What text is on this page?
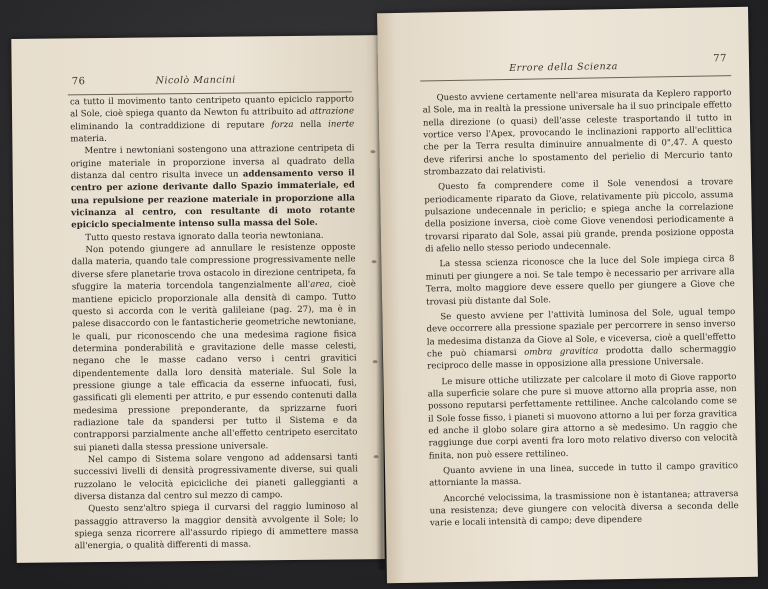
76	Nicolò Mancini

ca tutto il movimento tanto centripeto quanto epiciclo rapporto al Sole, cioè spiega quanto da Newton fu attribuito ad attrazione eliminando la contraddizione di reputare forza nella inerte materia.

Mentre i newtoniani sostengono una attrazione centripeta di origine materiale in proporzione inversa al quadrato della distanza dal centro risulta invece un addensamento verso il centro per azione derivante dallo Spazio immateriale, ed una repulsione per reazione materiale in proporzione alla vicinanza al centro, con resultante di moto rotante epiciclo specialmente intenso sulla massa del Sole.

Tutto questo restava ignorato dalla teoria newtoniana.

Non potendo giungere ad annullare le resistenze opposte dalla materia, quando tale compressione progressivamente nelle diverse sfere planetarie trova ostacolo in direzione centripeta, fa sfuggire la materia torcendola tangenzialmente all'area, cioè mantiene epiciclo proporzionale alla densità di campo. Tutto questo si accorda con le verità galileiane (pag. 27), ma è in palese disaccordo con le fantasticherie geometriche newtoniane, le quali, pur riconoscendo che una medesima ragione fisica determina ponderabilità e gravitazione delle masse celesti, negano che le masse cadano verso i centri gravitici dipendentemente dalla loro densità materiale. Sul Sole la pressione giunge a tale efficacia da esserne infuocati, fusi, gassificati gli elementi per attrito, e pur essendo contenuti dalla medesima pressione preponderante, da sprizzarne fuori radiazione tale da spandersi per tutto il Sistema e da contrapporsi parzialmente anche all'effetto centripeto esercitato sui pianeti dalla stessa pressione universale.

Nel campo di Sistema solare vengono ad addensarsi tanti successivi livelli di densità progressivamente diverse, sui quali ruzzolano le velocità epicicliche dei pianeti galleggianti a diversa distanza dal centro sul mezzo di campo.

Questo senz'altro spiega il curvarsi del raggio luminoso al passaggio attraverso la maggior densità avvolgente il Sole; lo spiega senza ricorrere all'assurdo ripiego di ammettere massa all'energia, o qualità differenti di massa.

Errore della Scienza
77

Questo avviene certamente nell'area misurata da Keplero rapporto al Sole, ma in realtà la pressione universale ha il suo principale effetto nella direzione (o quasi) dell'asse celeste trasportando il tutto in vortice verso l'Apex, provocando le inclinazioni rapporto all'eclittica che per la Terra resulta diminuire annualmente di 0",47. A questo deve riferirsi anche lo spostamento del perielio di Mercurio tanto strombazzato dai relativisti.

Questo fa comprendere come il Sole venendosi a trovare periodicamente riparato da Giove, relativamente più piccolo, assuma pulsazione undecennale in periclio; e spiega anche la correlazione della posizione inversa, cioè come Giove venendosi periodicamente a trovarsi riparato dal Sole, assai più grande, prenda posizione opposta di afelio nello stesso periodo undecennale.

La stessa scienza riconosce che la luce del Sole impiega circa 8 minuti per giungere a noi. Se tale tempo è necessario per arrivare alla Terra, molto maggiore deve essere quello per giungere a Giove che trovasi più distante dal Sole.

Se questo avviene per l'attività luminosa del Sole, ugual tempo deve occorrere alla pressione spaziale per percorrere in senso inverso la medesima distanza da Giove al Sole, e viceversa, cioè a quell'effetto che può chiamarsi ombra gravitica prodotta dallo schermaggio reciproco delle masse in opposizione alla pressione Universale.

Le misure ottiche utilizzate per calcolare il moto di Giove rapporto alla superficie solare che pure si muove attorno alla propria asse, non possono reputarsi perfettamente rettilinee. Anche calcolando come se il Sole fosse fisso, i pianeti si muovono attorno a lui per forza gravitica ed anche il globo solare gira attorno a sè medesimo. Un raggio che raggiunge due corpi aventi fra loro moto relativo diverso con velocità finita, non può essere rettilineo.

Quanto avviene in una linea, succede in tutto il campo gravitico attorniante la massa.

Ancorché velocissima, la trasmissione non è istantanea; attraversa una resistenza; deve giungere con velocità diversa a seconda delle varie e locali intensità di campo; deve dipendere
